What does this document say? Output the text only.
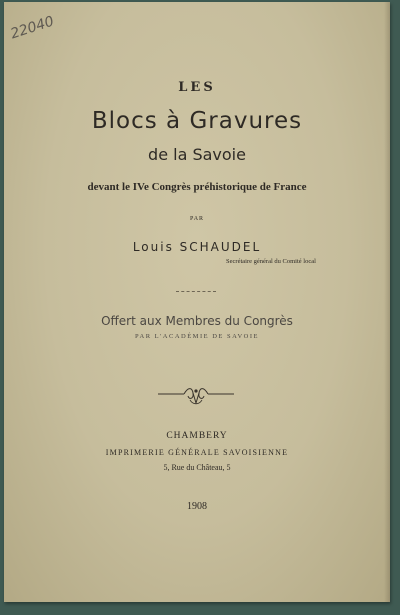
22040
LES
Blocs à Gravures
de la Savoie
devant le IVe Congrès préhistorique de France
PAR
Louis SCHAUDEL
Secrétaire général du Comité local
Offert aux Membres du Congrès
PAR L'ACADÉMIE DE SAVOIE
CHAMBERY
IMPRIMERIE GÉNÉRALE SAVOISIENNE
5, Rue du Château, 5
1908
